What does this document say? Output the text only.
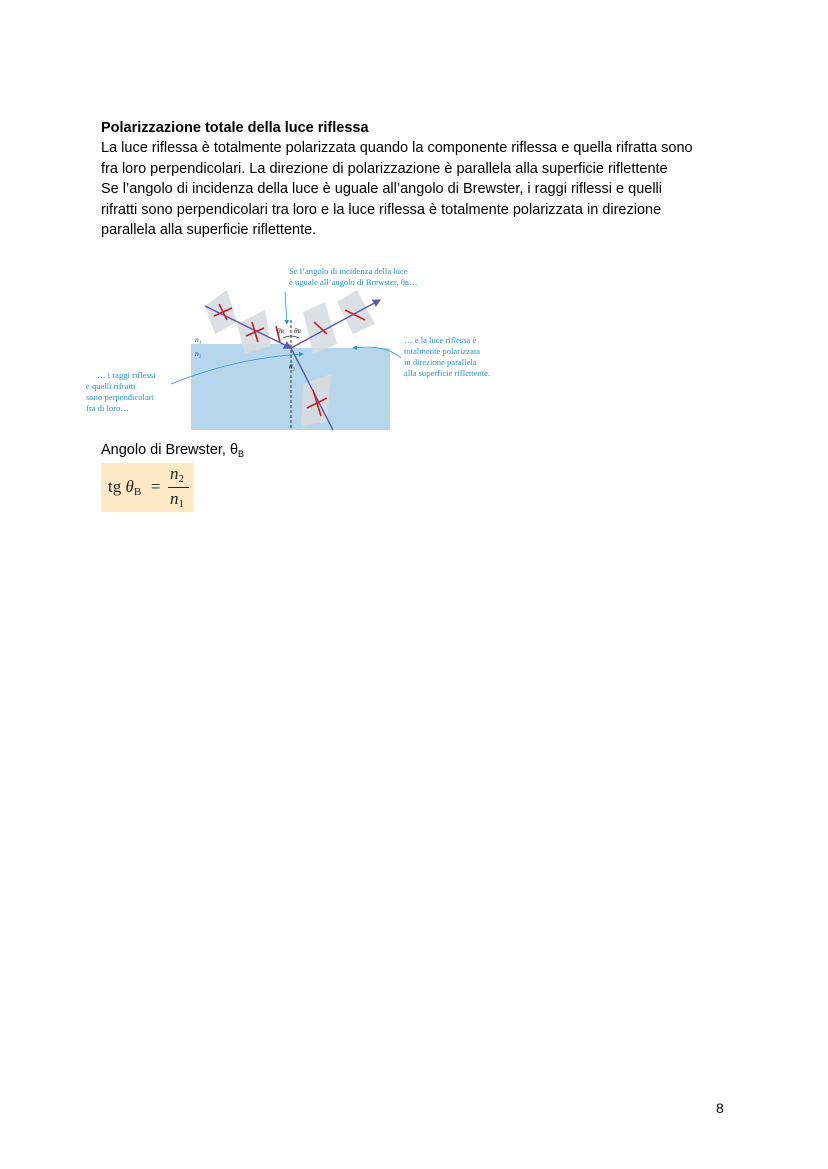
Polarizzazione totale della luce riflessa
La luce riflessa è totalmente polarizzata quando la componente riflessa e quella rifratta sono
fra loro perpendicolari. La direzione di polarizzazione è parallela alla superficie riflettente
Se l’angolo di incidenza della luce è uguale all’angolo di Brewster, i raggi riflessi e quelli
rifratti sono perpendicolari tra loro e la luce riflessa è totalmente polarizzata in direzione
parallela alla superficie riflettente.
Se l’angolo di incidenza della luce
è uguale all’angolo di Brewster, θʙ…
… i raggi riflessi
e quelli rifratti
sono perpendicolari
fra di loro…
… e la luce riflessa è
totalmente polarizzata
in direzione parallela
alla superficie riflettente.
n₁
n₂
θʙ θʙ
θ₂
Angolo di Brewster, $\theta_B$
tg $\theta_B$ =
$n_2$
$n_1$
8
